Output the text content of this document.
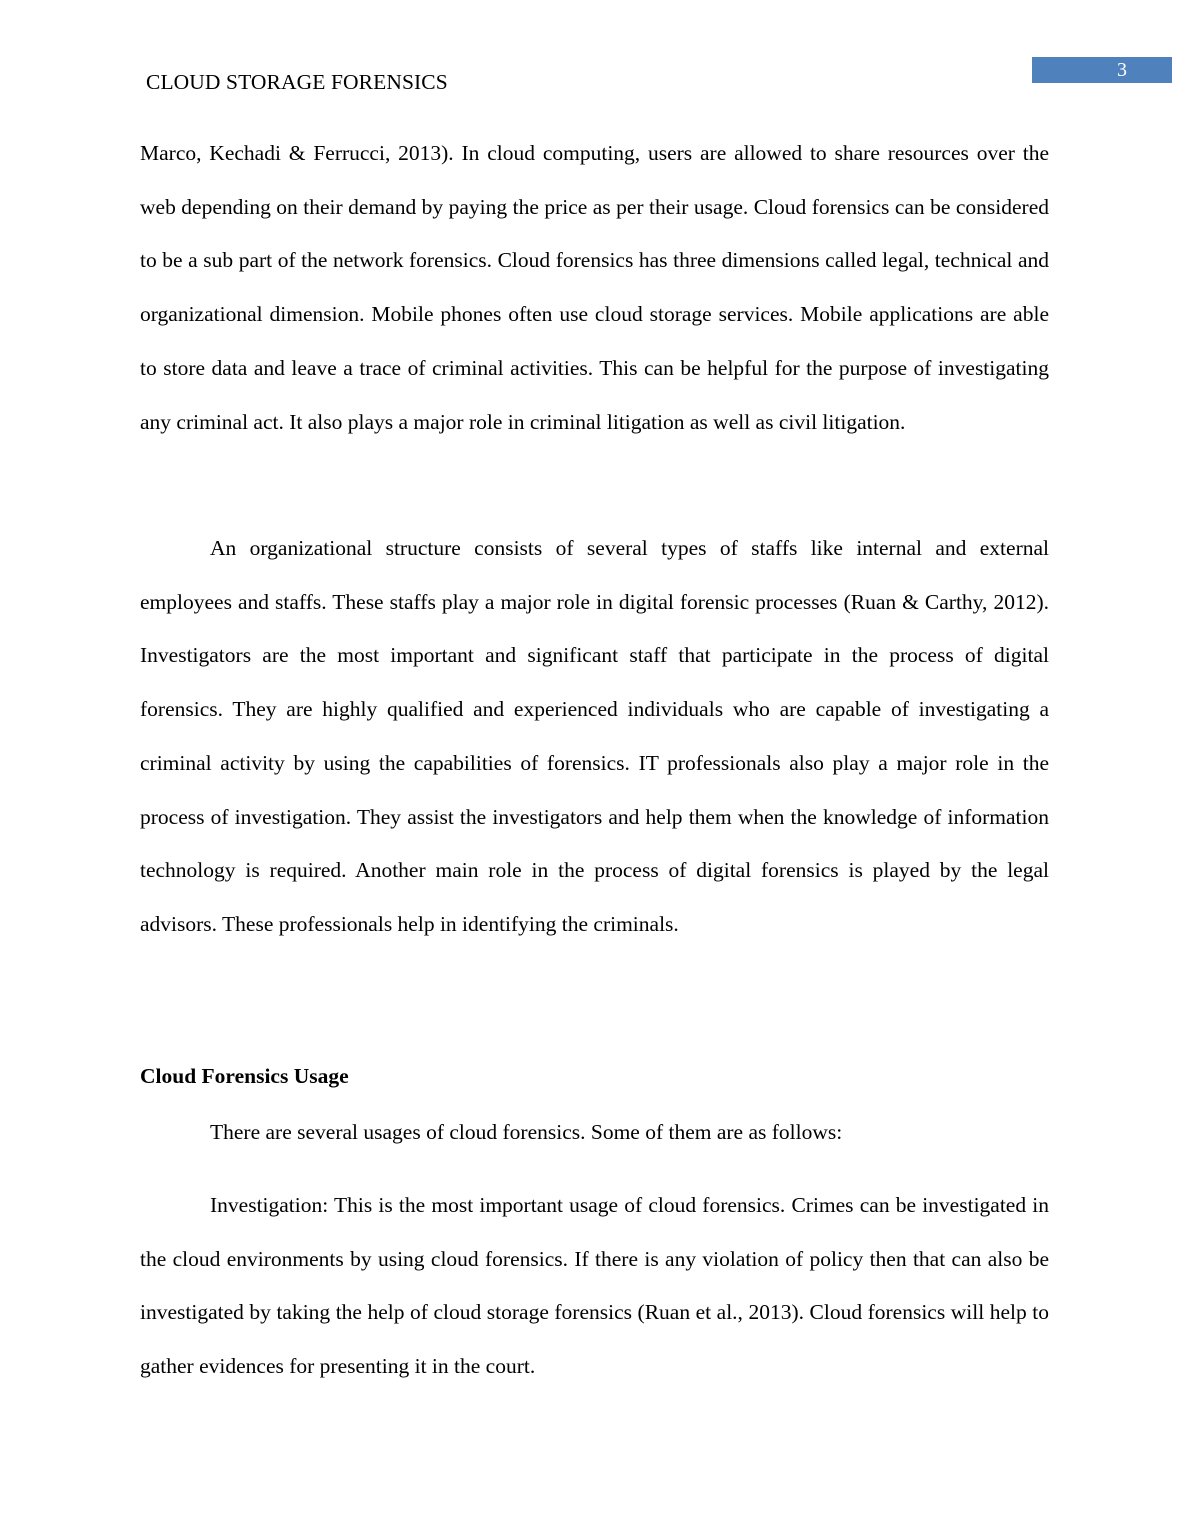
CLOUD STORAGE FORENSICS	3

Marco, Kechadi & Ferrucci, 2013). In cloud computing, users are allowed to share resources over the web depending on their demand by paying the price as per their usage. Cloud forensics can be considered to be a sub part of the network forensics. Cloud forensics has three dimensions called legal, technical and organizational dimension. Mobile phones often use cloud storage services. Mobile applications are able to store data and leave a trace of criminal activities. This can be helpful for the purpose of investigating any criminal act. It also plays a major role in criminal litigation as well as civil litigation.

An organizational structure consists of several types of staffs like internal and external employees and staffs. These staffs play a major role in digital forensic processes (Ruan & Carthy, 2012). Investigators are the most important and significant staff that participate in the process of digital forensics. They are highly qualified and experienced individuals who are capable of investigating a criminal activity by using the capabilities of forensics. IT professionals also play a major role in the process of investigation. They assist the investigators and help them when the knowledge of information technology is required. Another main role in the process of digital forensics is played by the legal advisors. These professionals help in identifying the criminals.

Cloud Forensics Usage

There are several usages of cloud forensics. Some of them are as follows:

Investigation: This is the most important usage of cloud forensics. Crimes can be investigated in the cloud environments by using cloud forensics. If there is any violation of policy then that can also be investigated by taking the help of cloud storage forensics (Ruan et al., 2013). Cloud forensics will help to gather evidences for presenting it in the court.
